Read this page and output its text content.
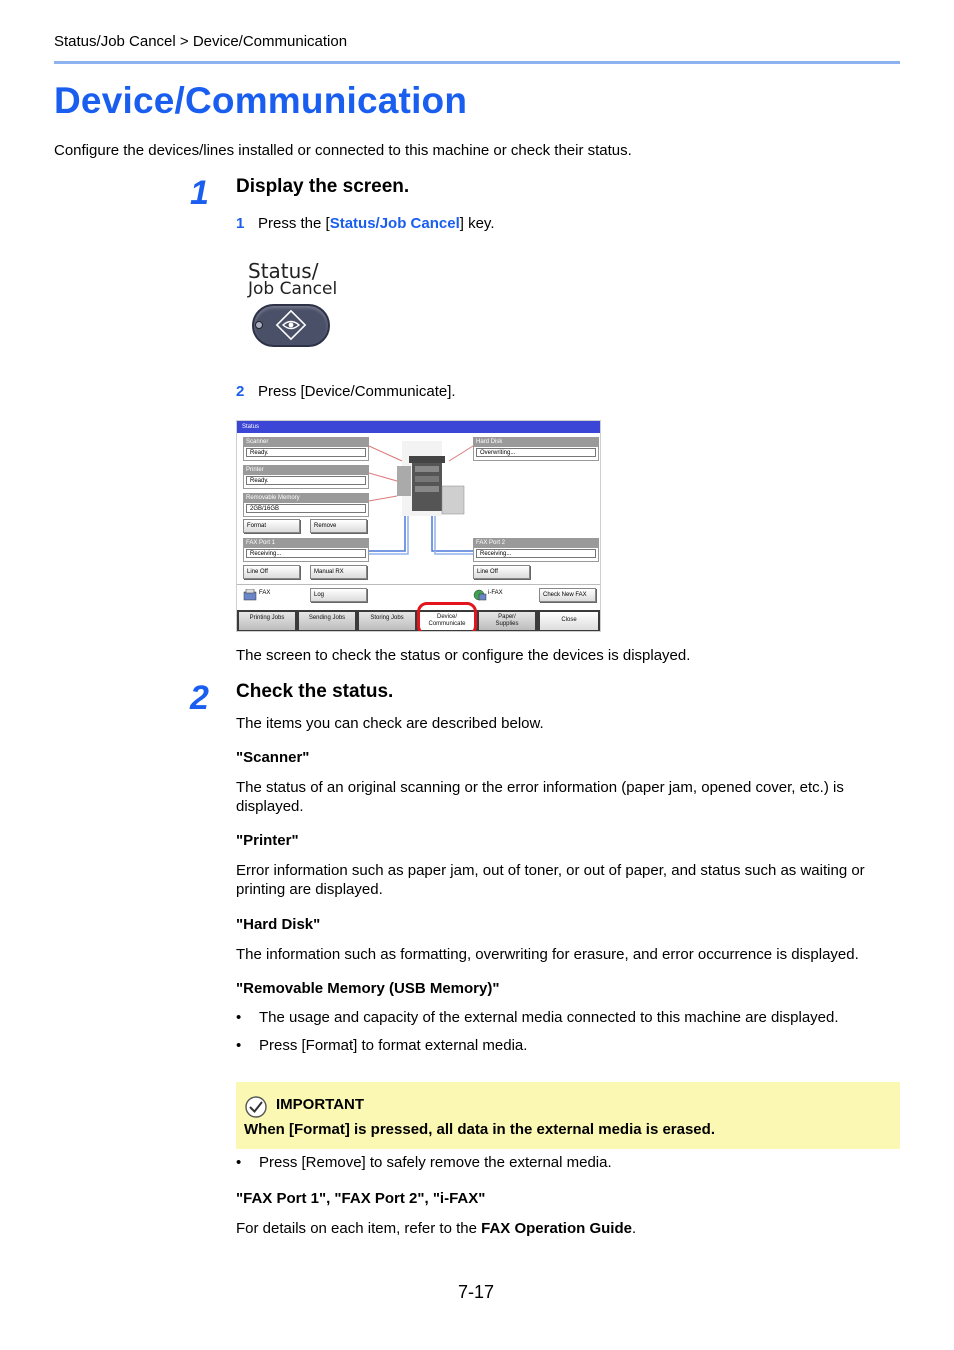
Status/Job Cancel > Device/Communication
Device/Communication
Configure the devices/lines installed or connected to this machine or check their status.
1 Display the screen.
1 Press the [Status/Job Cancel] key.
Status/
Job Cancel
2 Press [Device/Communicate].
Status
Scanner
Ready.
Printer
Ready.
Removable Memory
2GB/16GB
Format	Remove
Hard Disk
Overwriting...
FAX Port 1
Receiving...
Line Off	Manual RX
FAX Port 2
Receiving...
Line Off
FAX	Log	i-FAX	Check New FAX
Printing Jobs	Sending Jobs	Storing Jobs	Device/
Communicate
Paper/
Supplies
Close
The screen to check the status or configure the devices is displayed.
2 Check the status.
The items you can check are described below.
"Scanner"
The status of an original scanning or the error information (paper jam, opened cover, etc.) is displayed.
"Printer"
Error information such as paper jam, out of toner, or out of paper, and status such as waiting or printing are displayed.
"Hard Disk"
The information such as formatting, overwriting for erasure, and error occurrence is displayed.
"Removable Memory (USB Memory)"
• The usage and capacity of the external media connected to this machine are displayed.
• Press [Format] to format external media.
IMPORTANT
When [Format] is pressed, all data in the external media is erased.
• Press [Remove] to safely remove the external media.
"FAX Port 1", "FAX Port 2", "i-FAX"
For details on each item, refer to the FAX Operation Guide.
7-17
